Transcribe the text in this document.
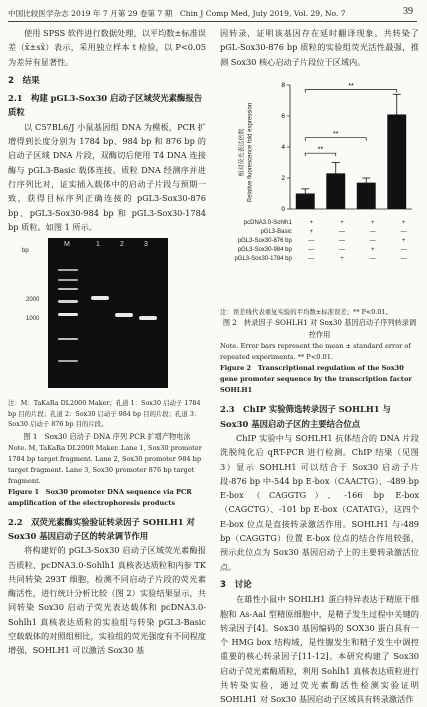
中国比较医学杂志 2019 年 7 月第 29 卷第 7 期　Chin J Comp Med, July 2019, Vol. 29, No. 7	39

使用 SPSS 软件进行数据处理，以平均数±标准误差（x̄±sx̄）表示，采用独立样本 t 检验，以 P<0.05 为差异有显著性。

2　结果

2.1　构建 pGL3-Sox30 启动子区域荧光素酶报告质粒

以 C57BL6/J 小鼠基因组 DNA 为模板，PCR 扩增得到长度分别为 1784 bp、984 bp 和 876 bp 的启动子区域 DNA 片段，双酶切后使用 T4 DNA 连接酶与 pGL3-Basic 载体连接。质粒 DNA 经测序并进行序列比对，证实插入载体中的启动子片段与预期一致，获得目标序列正确连接的 pGL3-Sox30-876 bp、pGL3-Sox30-984 bp 和 pGL3-Sox30-1784 bp 质粒。如图 1 所示。

bp
2000
1000
M	1	2	3

注：M：TaKaRa DL2000 Maker；孔道 1：Sox30 启动子 1784 bp 目的片段；孔道 2：Sox30 启动子 984 bp 目的片段；孔道 3：Sox30 启动子 876 bp 目的片段。

图 1　Sox30 启动子 DNA 序列 PCR 扩增产物电泳

Note. M, TaKaRa DL2000 Maker. Lane 1, Sox30 promoter 1784 bp target fragment. Lane 2, Sox30 promoter 984 bp target fragment. Lane 3, Sox30 promoter 876 bp target fragment.

Figure 1　Sox30 promoter DNA sequence via PCR amplification of the electrophoresis products

2.2　双荧光素酶实验验证转录因子 SOHLH1 对 Sox30 基因启动子区的转录调节作用

将构建好的 pGL3-Sox30 启动子区域荧光素酶报告质粒、pcDNA3.0-Sohlh1 真核表达质粒和内参 TK 共同转染 293T 细胞，检测不同启动子片段的荧光素酶活性，进行统计分析比较（图 2）实验结果显示，共同转染 Sox30 启动子荧光表达载体和 pcDNA3.0-Sohlh1 真核表达质粒的实验组与转染 pGL3-Basic 空载载体的对照组相比，实验组的荧光强度有不同程度增强，SOHLH1 可以激活 Sox30 基

因转录，证明该基因存在延时翻译现象。共转染了 pGL-Sox30-876 bp 质粒的实验组荧光活性最强，推测 Sox30 核心启动子片段位于区域内。

相对荧光表达倍数 Relative fluorescence fold expression
0
2
4
6
8
**
**
**
pcDNA3.0-Sohlh1	+	+	+	+
pGL3-Basic	+	—	—	—
pGL3-Sox30-876 bp	—	—	—	+
pGL3-Sox30-984 bp	—	—	+	—
pGL3-Sox30-1784 bp	—	+	—	—

注：误差线代表重复实验的平均数±标准误差；** P<0.01。

图 2　转录因子 SOHLH1 对 Sox30 基因启动子序列转录调控作用

Note. Error bars represent the mean ± standard error of repeated experiments. ** P<0.01.

Figure 2　Transcriptional regulation of the Sox30 gene promoter sequence by the transcription factor SOHLH1

2.3　ChIP 实验筛选转录因子 SOHLH1 与 Sox30 基因启动子区的主要结合位点

ChIP 实验中与 SOHLH1 抗体结合的 DNA 片段洗脱纯化后 qRT-PCR 进行检测。ChIP 结果（见图 3）显示 SOHLH1 可以结合于 Sox30 启动子片段-876 bp 中-544 bp E-box（CAACTG）、-489 bp E-box（CAGGTG）、-166 bp E-box（CAGCTG）、-101 bp E-box（CATATG），这四个 E-box 位点是直接转录激活作用。SOHLH1 与-489 bp（CAGGTG）位置 E-box 位点的结合作用较强，预示此位点为 Sox30 基因启动子上的主要转录激活位点。

3　讨论

在雄性小鼠中 SOHLH1 蛋白特异表达于精原干细胞和 As-Aal 型精原细胞中，是精子发生过程中关键的转录因子[4]。Sox30 基因编码的 SOX30 蛋白具有一个 HMG box 结构域，是性腺发生和精子发生中调控重要的核心转录因子[11-12]。本研究构建了 Sox30 启动子荧光素酶质粒，利用 Sohlh1 真核表达质粒进行共转染实验，通过荧光素酶活性检测实验证明 SOHLH1 对 Sox30 基因启动子区域具有转录激活作
